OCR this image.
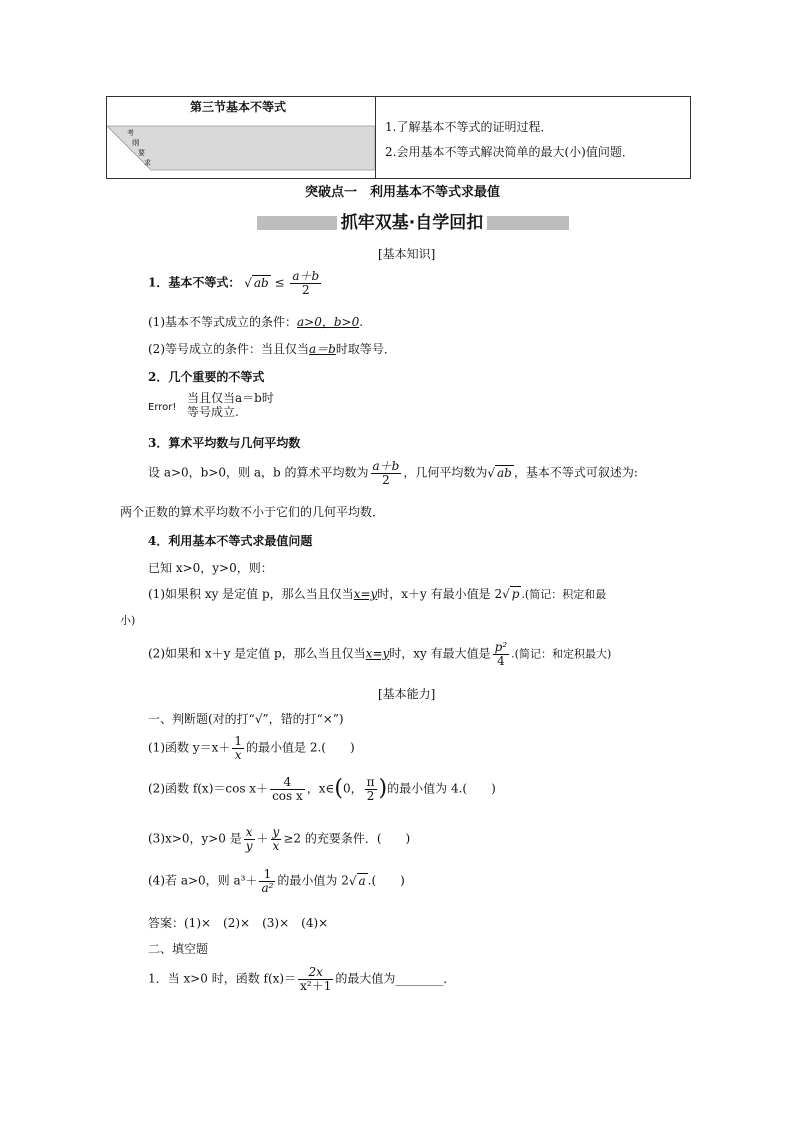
第三节基本不等式
考
纲
要
求
1.了解基本不等式的证明过程．
2.会用基本不等式解决简单的最大(小)值问题．
突破点一　利用基本不等式求最值
抓牢双基·自学回扣
[基本知识]
1．基本不等式： √ ab ≤ $\frac{a+b}{2}$
(1)基本不等式成立的条件：a>0，b>0.
(2)等号成立的条件：当且仅当a＝b时取等号．
2．几个重要的不等式
Error!
当且仅当a＝b时
等号成立.
3．算术平均数与几何平均数
设 a>0，b>0，则 a，b 的算术平均数为 $\frac{a+b}{2}$ ，几何平均数为√ ab ，基本不等式可叙述为:
两个正数的算术平均数不小于它们的几何平均数．
4．利用基本不等式求最值问题
已知 x>0，y>0，则：
(1)如果积 xy 是定值 p，那么当且仅当x=y时，x＋y 有最小值是 2√ p .(简记：积定和最
小)
(2)如果和 x＋y 是定值 p，那么当且仅当x=y时，xy 有最大值是 $\frac{\text{p²}}{4}$ .(简记：和定积最大)
[基本能力]
一、判断题(对的打“√”，错的打“×”)
(1)函数 $y=x+ \frac{1}{x}$ 的最小值是 2.(　　)
(2)函数 f(x)＝cos $x+ \frac{4}{\text{cos x}}$ ，x∈(0， $\frac{\pi}{2}$ )的最小值为 4.(　　)
(3)x>0，y>0 是 $\frac{x}{y} + \frac{y}{x} \ge 2$ 的充要条件．(　　)
(4)若 a>0，则 $a^3+ \frac{1}{\text{a²}}$ 的最小值为 2√ a .(　　)
答案：(1)×　(2)×　(3)×　(4)×
二、填空题
1．当 x>0 时，函数 $f(x)= \frac{2x}{\text{x²＋1}}$ 的最大值为________．
